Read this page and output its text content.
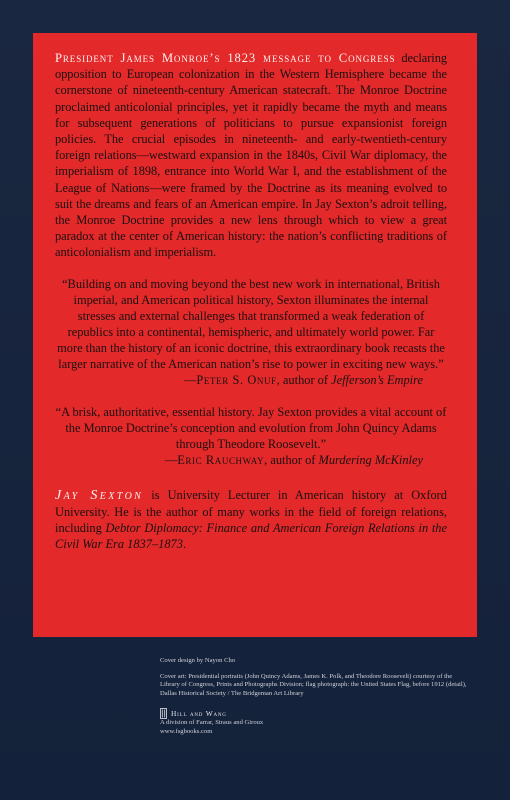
President James Monroe’s 1823 message to Congress declaring opposition to European colonization in the Western Hemisphere became the cornerstone of nineteenth-century American statecraft. The Monroe Doctrine proclaimed anticolonial principles, yet it rapidly became the myth and means for subsequent generations of politicians to pursue expansionist foreign policies. The crucial episodes in nineteenth- and early-twentieth-century foreign relations—westward expansion in the 1840s, Civil War diplomacy, the imperialism of 1898, entrance into World War I, and the establishment of the League of Nations—were framed by the Doctrine as its meaning evolved to suit the dreams and fears of an American empire. In Jay Sexton’s adroit telling, the Monroe Doctrine provides a new lens through which to view a great paradox at the center of American history: the nation’s conflicting traditions of anticolonialism and imperialism.

“Building on and moving beyond the best new work in international, British imperial, and American political history, Sexton illuminates the internal stresses and external challenges that transformed a weak federation of republics into a continental, hemispheric, and ultimately world power. Far more than the history of an iconic doctrine, this extraordinary book recasts the larger narrative of the American nation’s rise to power in exciting new ways.”
—Peter S. Onuf, author of Jefferson’s Empire

“A brisk, authoritative, essential history. Jay Sexton provides a vital account of the Monroe Doctrine’s conception and evolution from John Quincy Adams through Theodore Roosevelt.”
—Eric Rauchway, author of Murdering McKinley

Jay Sexton is University Lecturer in American history at Oxford University. He is the author of many works in the field of foreign relations, including Debtor Diplomacy: Finance and American Foreign Relations in the Civil War Era 1837–1873.

Cover design by Nayon Cho

Cover art: Presidential portraits (John Quincy Adams, James K. Polk, and Theodore Roosevelt) courtesy of the Library of Congress, Prints and Photographs Division; flag photograph: the United States Flag, before 1912 (detail), Dallas Historical Society / The Bridgeman Art Library

Hill and Wang

A division of Farrar, Straus and Giroux

www.fsgbooks.com
